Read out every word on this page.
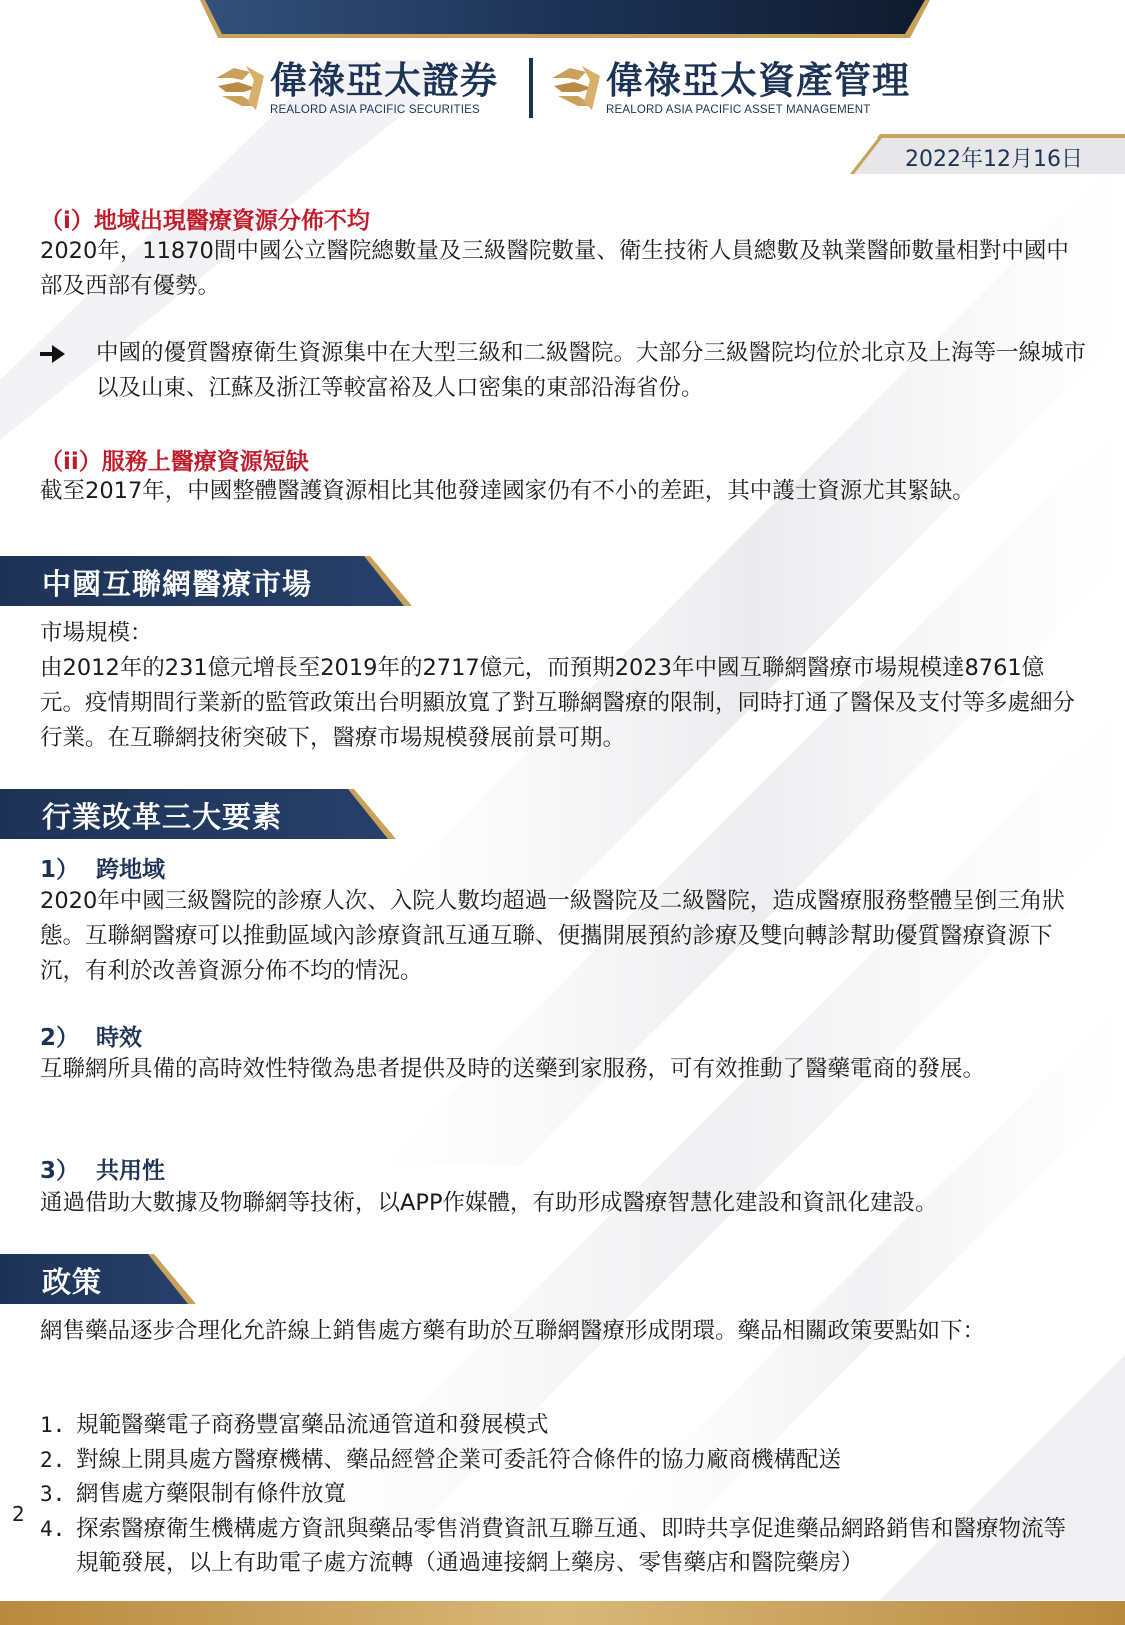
偉祿亞太證券
REALORD ASIA PACIFIC SECURITIES
偉祿亞太資產管理
REALORD ASIA PACIFIC ASSET MANAGEMENT
2022年12月16日
（i）地域出現醫療資源分佈不均
2020年，11870間中國公立醫院總數量及三級醫院數量、衛生技術人員總數及執業醫師數量相對中國中部及西部有優勢。
中國的優質醫療衛生資源集中在大型三級和二級醫院。大部分三級醫院均位於北京及上海等一線城市以及山東、江蘇及浙江等較富裕及人口密集的東部沿海省份。
（ii）服務上醫療資源短缺
截至2017年，中國整體醫護資源相比其他發達國家仍有不小的差距，其中護士資源尤其緊缺。
中國互聯網醫療市場
市場規模：
由2012年的231億元增長至2019年的2717億元，而預期2023年中國互聯網醫療市場規模達8761億元。疫情期間行業新的監管政策出台明顯放寬了對互聯網醫療的限制，同時打通了醫保及支付等多處細分行業。在互聯網技術突破下，醫療市場規模發展前景可期。
行業改革三大要素
1） 跨地域
2020年中國三級醫院的診療人次、入院人數均超過一級醫院及二級醫院，造成醫療服務整體呈倒三角狀態。互聯網醫療可以推動區域內診療資訊互通互聯、便攜開展預約診療及雙向轉診幫助優質醫療資源下沉，有利於改善資源分佈不均的情況。
2） 時效
互聯網所具備的高時效性特徵為患者提供及時的送藥到家服務，可有效推動了醫藥電商的發展。
3） 共用性
通過借助大數據及物聯網等技術，以APP作媒體，有助形成醫療智慧化建設和資訊化建設。
政策
網售藥品逐步合理化允許線上銷售處方藥有助於互聯網醫療形成閉環。藥品相關政策要點如下：
1. 規範醫藥電子商務豐富藥品流通管道和發展模式
2. 對線上開具處方醫療機構、藥品經營企業可委託符合條件的協力廠商機構配送
3. 網售處方藥限制有條件放寬
4. 探索醫療衛生機構處方資訊與藥品零售消費資訊互聯互通、即時共享促進藥品網路銷售和醫療物流等規範發展，以上有助電子處方流轉（通過連接網上藥房、零售藥店和醫院藥房）
2
